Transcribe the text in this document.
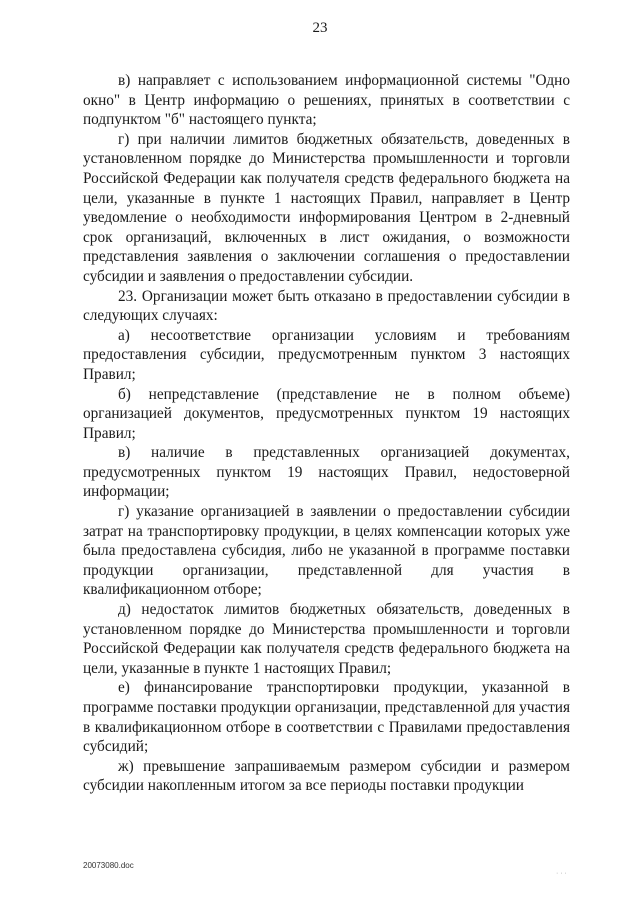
23

в) направляет с использованием информационной системы "Одно окно" в Центр информацию о решениях, принятых в соответствии с подпунктом "б" настоящего пункта;

г) при наличии лимитов бюджетных обязательств, доведенных в установленном порядке до Министерства промышленности и торговли Российской Федерации как получателя средств федерального бюджета на цели, указанные в пункте 1 настоящих Правил, направляет в Центр уведомление о необходимости информирования Центром в 2-дневный срок организаций, включенных в лист ожидания, о возможности представления заявления о заключении соглашения о предоставлении субсидии и заявления о предоставлении субсидии.

23. Организации может быть отказано в предоставлении субсидии в следующих случаях:

а) несоответствие организации условиям и требованиям предоставления субсидии, предусмотренным пунктом 3 настоящих Правил;

б) непредставление (представление не в полном объеме) организацией документов, предусмотренных пунктом 19 настоящих Правил;

в) наличие в представленных организацией документах, предусмотренных пунктом 19 настоящих Правил, недостоверной информации;

г) указание организацией в заявлении о предоставлении субсидии затрат на транспортировку продукции, в целях компенсации которых уже была предоставлена субсидия, либо не указанной в программе поставки продукции организации, представленной для участия в квалификационном отборе;

д) недостаток лимитов бюджетных обязательств, доведенных в установленном порядке до Министерства промышленности и торговли Российской Федерации как получателя средств федерального бюджета на цели, указанные в пункте 1 настоящих Правил;

е) финансирование транспортировки продукции, указанной в программе поставки продукции организации, представленной для участия в квалификационном отборе в соответствии с Правилами предоставления субсидий;

ж) превышение запрашиваемым размером субсидии и размером субсидии накопленным итогом за все периоды поставки продукции

20073080.doc
· · ·
